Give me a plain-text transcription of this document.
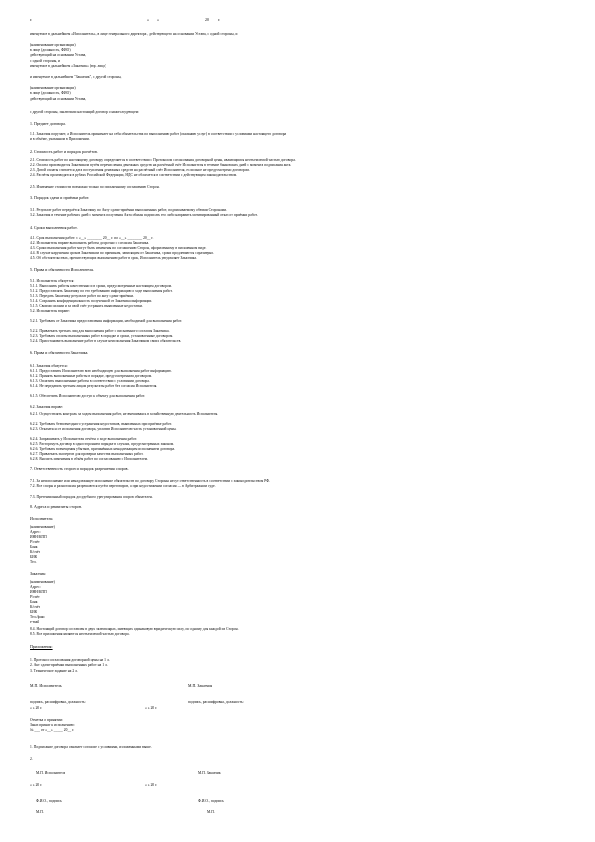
г.	« »	20 г.
именуемое в дальнейшем «Исполнитель», в лице генерального директора , действующего на основании Устава, с одной стороны, и
(наименование организации)
в лице (должность, ФИО)
действующий на основании Устава,
с одной стороны, и
именуемое в дальнейшем «Заказчик» (юр. лицо)
и именуемое в дальнейшем "Заказчик", с другой стороны,
(наименование организации)
в лице (должность, ФИО)
действующий на основании Устава,
с другой стороны, заключили настоящий договор о нижеследующем:
1. Предмет договора.
1.1. Заказчик поручает, а Исполнитель принимает на себя обязательства по выполнению работ (оказанию услуг) в соответствии с условиями настоящего договора
и в объёме, указанном в Приложении.
2. Стоимость работ и порядок расчётов.
2.1. Стоимость работ по настоящему договору определяется в соответствии с Протоколом согласования договорной цены, являющимся неотъемлемой частью договора.
2.2. Оплата производится Заказчиком путём перечисления денежных средств на расчётный счёт Исполнителя в течение банковских дней с момента подписания акта.
2.3. Датой оплаты считается дата поступления денежных средств на расчётный счёт Исполнителя, если иное не предусмотрено договором.
2.4. Расчёты производятся в рублях Российской Федерации, НДС не облагается в соответствии с действующим законодательством.
2.5. Изменение стоимости возможно только по письменному соглашению Сторон.
3. Порядок сдачи и приёмки работ.
3.1. Результат работ передаётся Заказчику по Акту сдачи-приёмки выполненных работ, подписываемому обеими Сторонами.
3.2. Заказчик в течение рабочих дней с момента получения Акта обязан подписать его либо направить мотивированный отказ от приёмки работ.
4. Сроки выполнения работ.
4.1. Срок выполнения работ: с «__» ________ 20__ г. по «__» ________ 20__ г.
4.2. Исполнитель вправе выполнить работы досрочно с согласия Заказчика.
4.3. Сроки выполнения работ могут быть изменены по соглашению Сторон, оформленному в письменном виде.
4.4. В случае нарушения сроков Заказчиком по причинам, зависящим от Заказчика, сроки продлеваются соразмерно.
4.5. Об обстоятельствах, препятствующих выполнению работ в срок, Исполнитель уведомляет Заказчика.
5. Права и обязанности Исполнителя.
5.1. Исполнитель обязуется:
5.1.1. Выполнить работы качественно и в сроки, предусмотренные настоящим договором.
5.1.2. Предоставлять Заказчику по его требованию информацию о ходе выполнения работ.
5.1.3. Передать Заказчику результат работ по акту сдачи-приёмки.
5.1.4. Сохранять конфиденциальность полученной от Заказчика информации.
5.1.5. Своими силами и за свой счёт устранять выявленные недостатки.
5.2. Исполнитель вправе:
5.2.1. Требовать от Заказчика предоставления информации, необходимой для выполнения работ.
5.2.2. Привлекать третьих лиц для выполнения работ с письменного согласия Заказчика.
5.2.3. Требовать оплаты выполненных работ в порядке и сроки, установленные договором.
5.2.4. Приостановить выполнение работ в случае неисполнения Заказчиком своих обязательств.
6. Права и обязанности Заказчика.
6.1. Заказчик обязуется:
6.1.1. Предоставить Исполнителю всю необходимую для выполнения работ информацию.
6.1.2. Принять выполненные работы в порядке, предусмотренном договором.
6.1.3. Оплатить выполненные работы в соответствии с условиями договора.
6.1.4. Не передавать третьим лицам результаты работ без согласия Исполнителя.
6.1.5. Обеспечить Исполнителю доступ к объекту для выполнения работ.
6.2. Заказчик вправе:
6.2.1. Осуществлять контроль за ходом выполнения работ, не вмешиваясь в хозяйственную деятельность Исполнителя.
6.2.2. Требовать безвозмездного устранения недостатков, выявленных при приёмке работ.
6.2.3. Отказаться от исполнения договора, уплатив Исполнителю часть установленной цены.
6.2.4. Запрашивать у Исполнителя отчёты о ходе выполнения работ.
6.2.5. Расторгнуть договор в одностороннем порядке в случаях, предусмотренных законом.
6.2.6. Требовать возмещения убытков, причинённых ненадлежащим исполнением договора.
6.2.7. Привлекать экспертов для проверки качества выполненных работ.
6.2.8. Вносить изменения в объём работ по согласованию с Исполнителем.
7. Ответственность сторон и порядок разрешения споров.
7.1. За неисполнение или ненадлежащее исполнение обязательств по договору Стороны несут ответственность в соответствии с законодательством РФ.
7.2. Все споры и разногласия разрешаются путём переговоров, а при недостижении согласия — в Арбитражном суде.
7.3. Претензионный порядок досудебного урегулирования споров обязателен.
8. Адреса и реквизиты сторон.
Исполнитель:
(наименование)
Адрес:
ИНН/КПП
Р/счёт
Банк
К/счёт
БИК
Тел.
Заказчик:
(наименование)
Адрес:
ИНН/КПП
Р/счёт
Банк
К/счёт
БИК
Тел./факс
e-mail
8.4. Настоящий договор составлен в двух экземплярах, имеющих одинаковую юридическую силу, по одному для каждой из Сторон.
8.5. Все приложения являются неотъемлемой частью договора.
Приложения:
1. Протокол согласования договорной цены на 1 л.
2. Акт сдачи-приёмки выполненных работ на 1 л.
3. Техническое задание на 2 л.
М.П. Исполнитель	М.П. Заказчик
подпись, расшифровка, должность:	подпись, расшифровка, должность:
« » 20 г.	« » 20 г.
Отметка о принятии:
Заказ принят к исполнению:
№ ___ от «__» _____ 20__ г.
1. Подписание договора означает согласие с условиями, изложенными выше.
2.
М.П. Исполнитель	М.П. Заказчик
« » 20 г.	« » 20 г.
Ф.И.О., подпись	Ф.И.О., подпись
М.П.	М.П.
